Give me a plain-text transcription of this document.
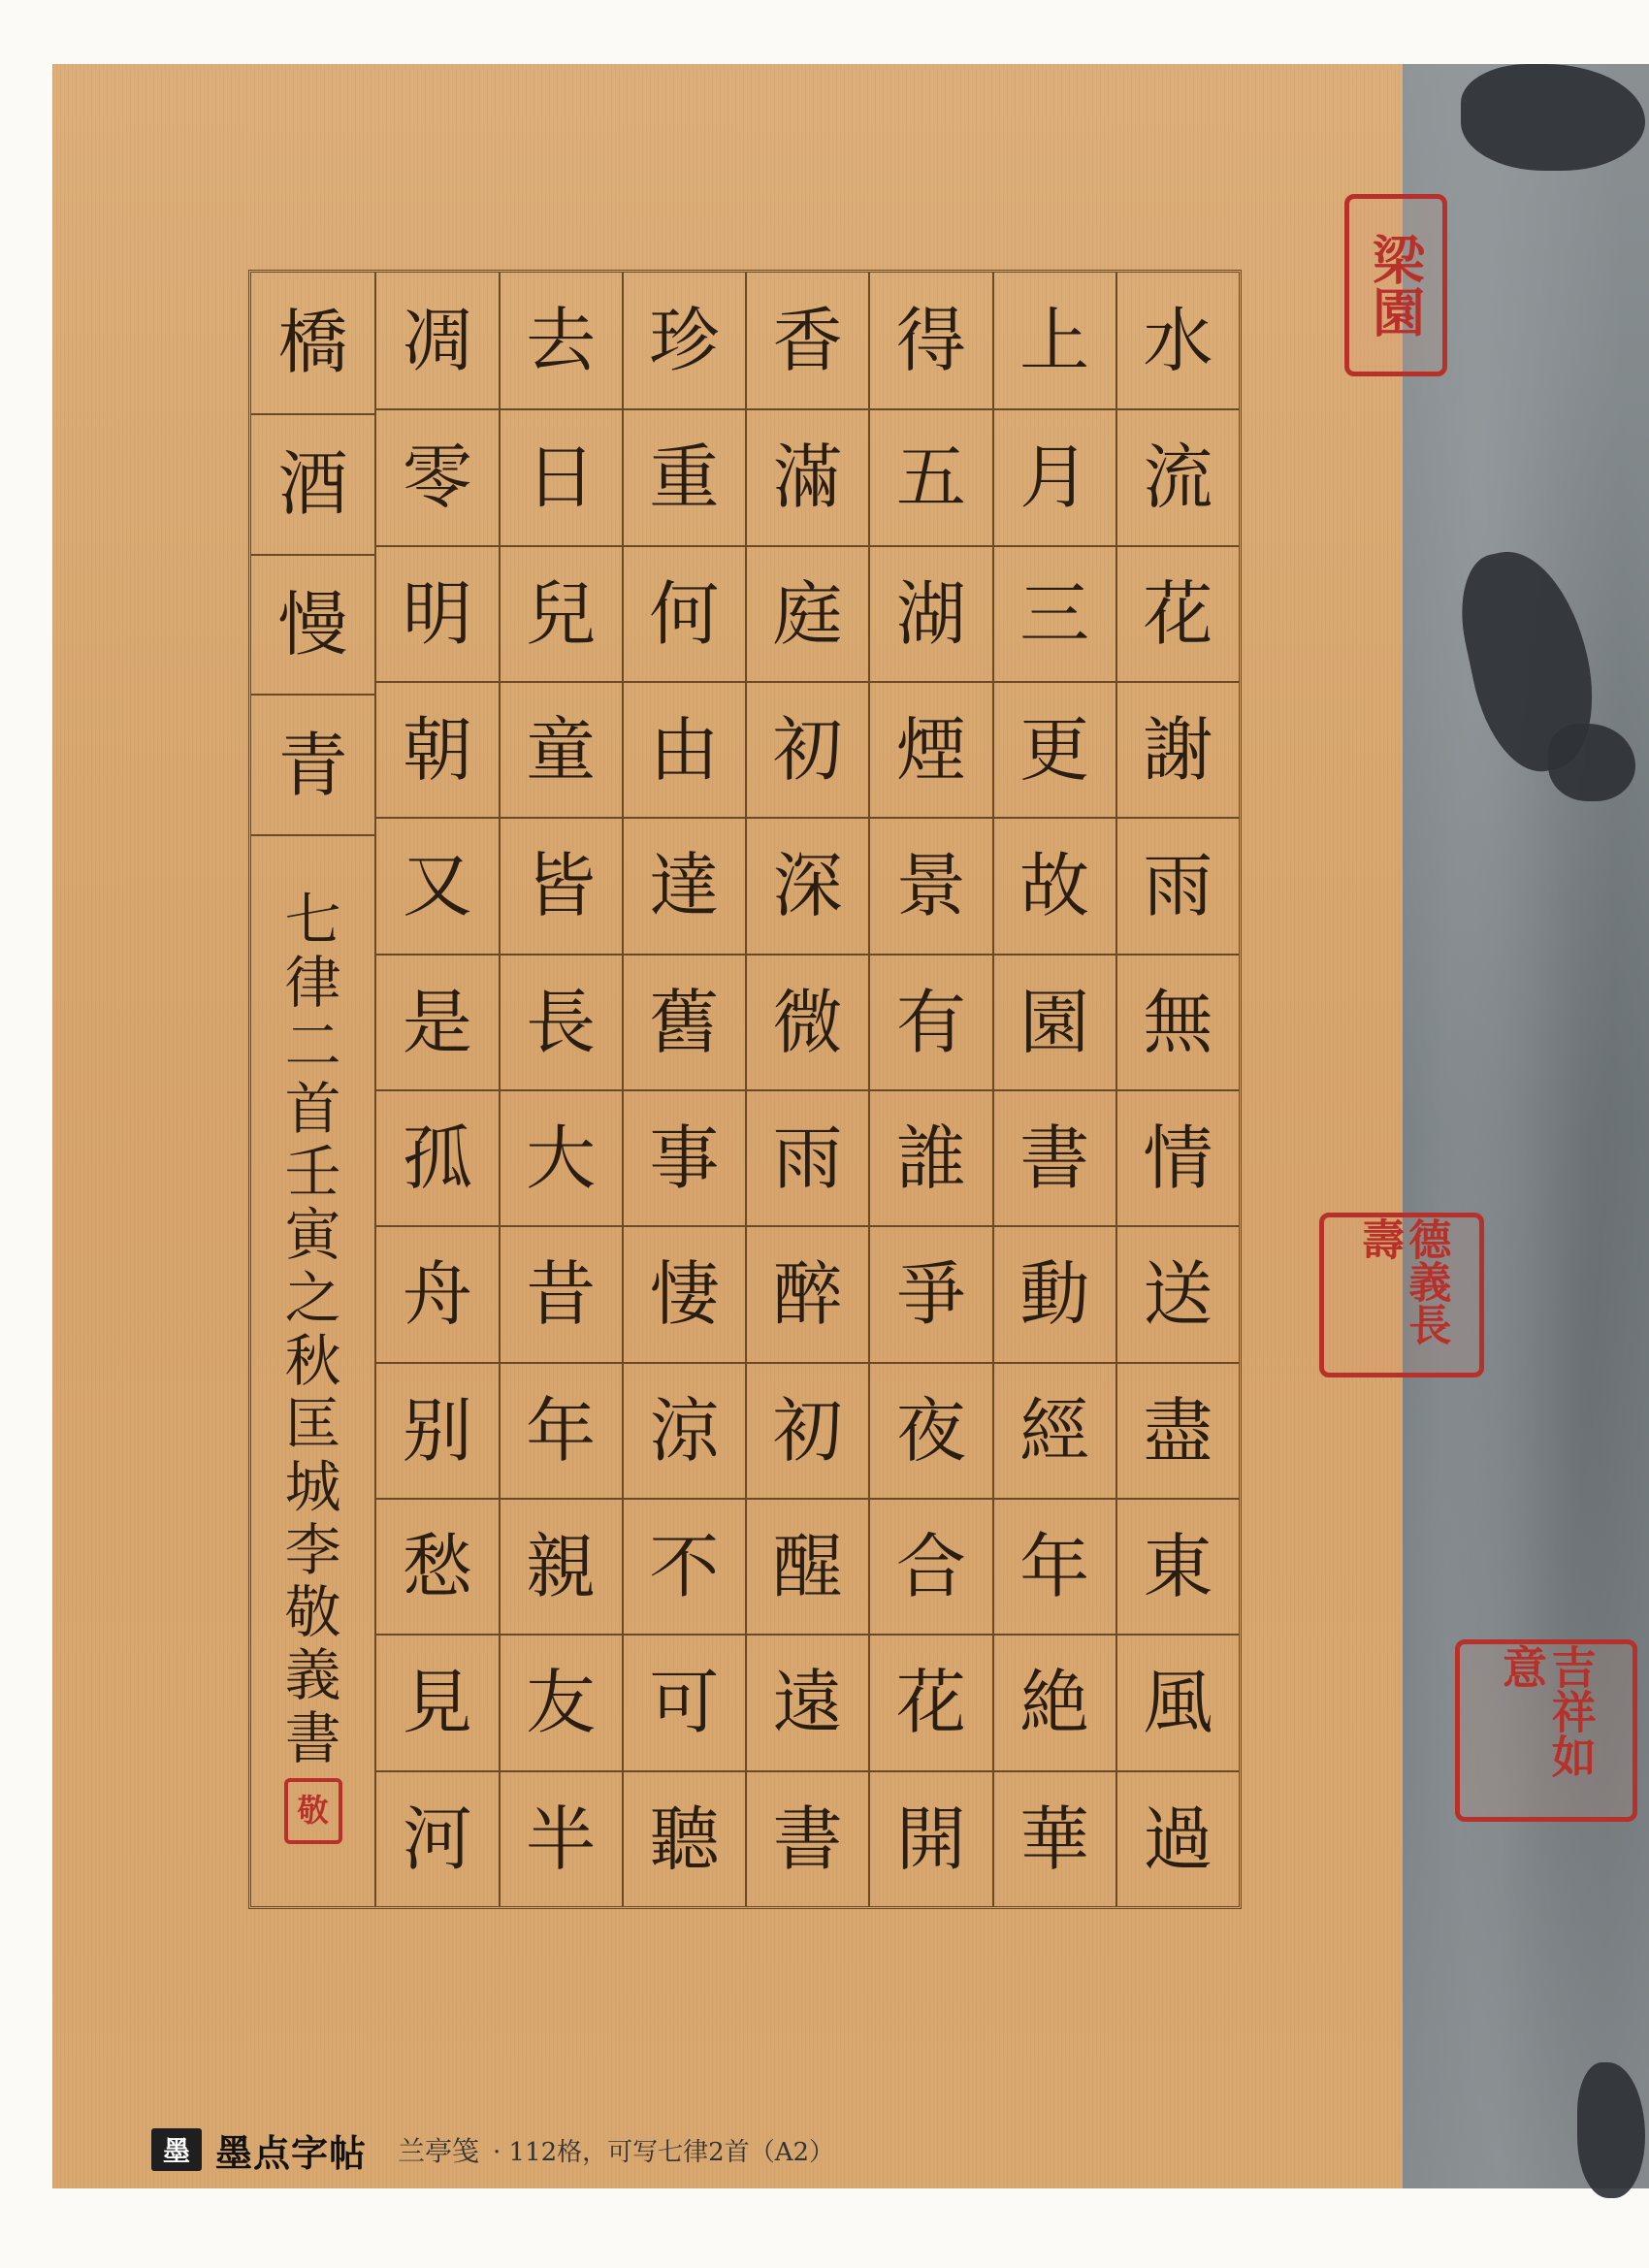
梁園
德義長壽
吉祥如意
橋
酒
慢
青
七
律
二
首
壬
寅
之
秋
匡
城
李
敬
義
書
敬
凋
零
明
朝
又
是
孤
舟
别
愁
見
河
去
日
兒
童
皆
長
大
昔
年
親
友
半
珍
重
何
由
達
舊
事
悽
涼
不
可
聽
香
滿
庭
初
深
微
雨
醉
初
醒
遠
書
得
五
湖
煙
景
有
誰
爭
夜
合
花
開
上
月
三
更
故
園
書
動
經
年
絶
華
水
流
花
謝
雨
無
情
送
盡
東
風
過
墨 墨点字帖 兰亭笺 · 112格，可写七律2首（A2）
